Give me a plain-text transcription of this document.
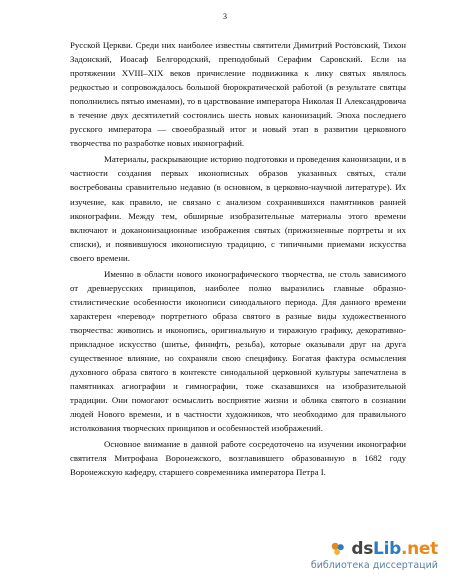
3

Русской Церкви. Среди них наиболее известны святители Димитрий Ростовский, Тихон Задонский, Иоасаф Белгородский, преподобный Серафим Саровский. Если на протяжении XVIII–XIX веков причисление подвижника к лику святых являлось редкостью и сопровождалось большой бюрократической работой (в результате святцы пополнились пятью именами), то в царствование императора Николая II Александровича в течение двух десятилетий состоялись шесть новых канонизаций. Эпоха последнего русского императора — своеобразный итог и новый этап в развитии церковного творчества по разработке новых иконографий.

Материалы, раскрывающие историю подготовки и проведения канонизации, и в частности создания первых иконописных образов указанных святых, стали востребованы сравнительно недавно (в основном, в церковно-научной литературе). Их изучение, как правило, не связано с анализом сохранившихся памятников ранней иконографии. Между тем, обширные изобразительные материалы этого времени включают и доканонизационные изображения святых (прижизненные портреты и их списки), и появившуюся иконописную традицию, с типичными приемами искусства своего времени.

Именно в области нового иконографического творчества, не столь зависимого от древнерусских принципов, наиболее полно выразились главные образно-стилистические особенности иконописи синодального периода. Для данного времени характерен «перевод» портретного образа святого в разные виды художественного творчества: живопись и иконопись, оригинальную и тиражную графику, декоративно-прикладное искусство (шитье, финифть, резьба), которые оказывали друг на друга существенное влияние, но сохраняли свою специфику. Богатая фактура осмысления духовного образа святого в контексте синодальной церковной культуры запечатлена в памятниках агиографии и гимнографии, тоже сказавшихся на изобразительной традиции. Они помогают осмыслить восприятие жизни и облика святого в сознании людей Нового времени, и в частности художников, что необходимо для правильного истолкования творческих принципов и особенностей изображений.

Основное внимание в данной работе сосредоточено на изучении иконографии святителя Митрофана Воронежского, возглавившего образованную в 1682 году Воронежскую кафедру, старшего современника императора Петра I.

dsLib.net
библиотека диссертаций
